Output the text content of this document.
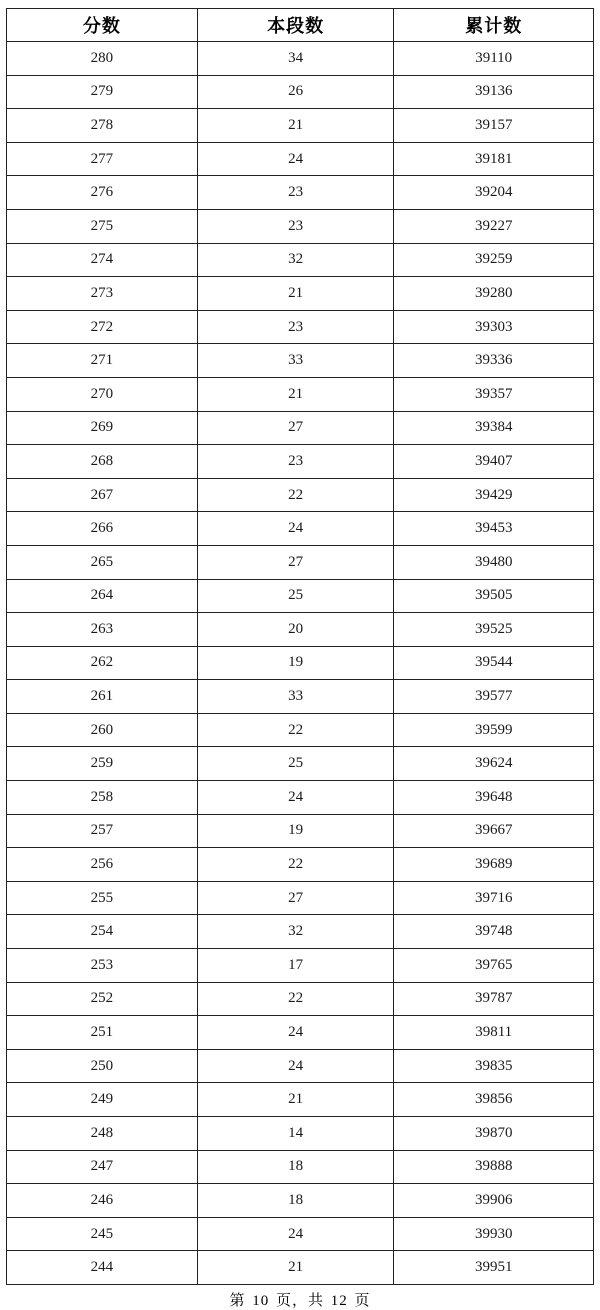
分数	本段数	累计数
280	34	39110
279	26	39136
278	21	39157
277	24	39181
276	23	39204
275	23	39227
274	32	39259
273	21	39280
272	23	39303
271	33	39336
270	21	39357
269	27	39384
268	23	39407
267	22	39429
266	24	39453
265	27	39480
264	25	39505
263	20	39525
262	19	39544
261	33	39577
260	22	39599
259	25	39624
258	24	39648
257	19	39667
256	22	39689
255	27	39716
254	32	39748
253	17	39765
252	22	39787
251	24	39811
250	24	39835
249	21	39856
248	14	39870
247	18	39888
246	18	39906
245	24	39930
244	21	39951
第 10 页，共 12 页
